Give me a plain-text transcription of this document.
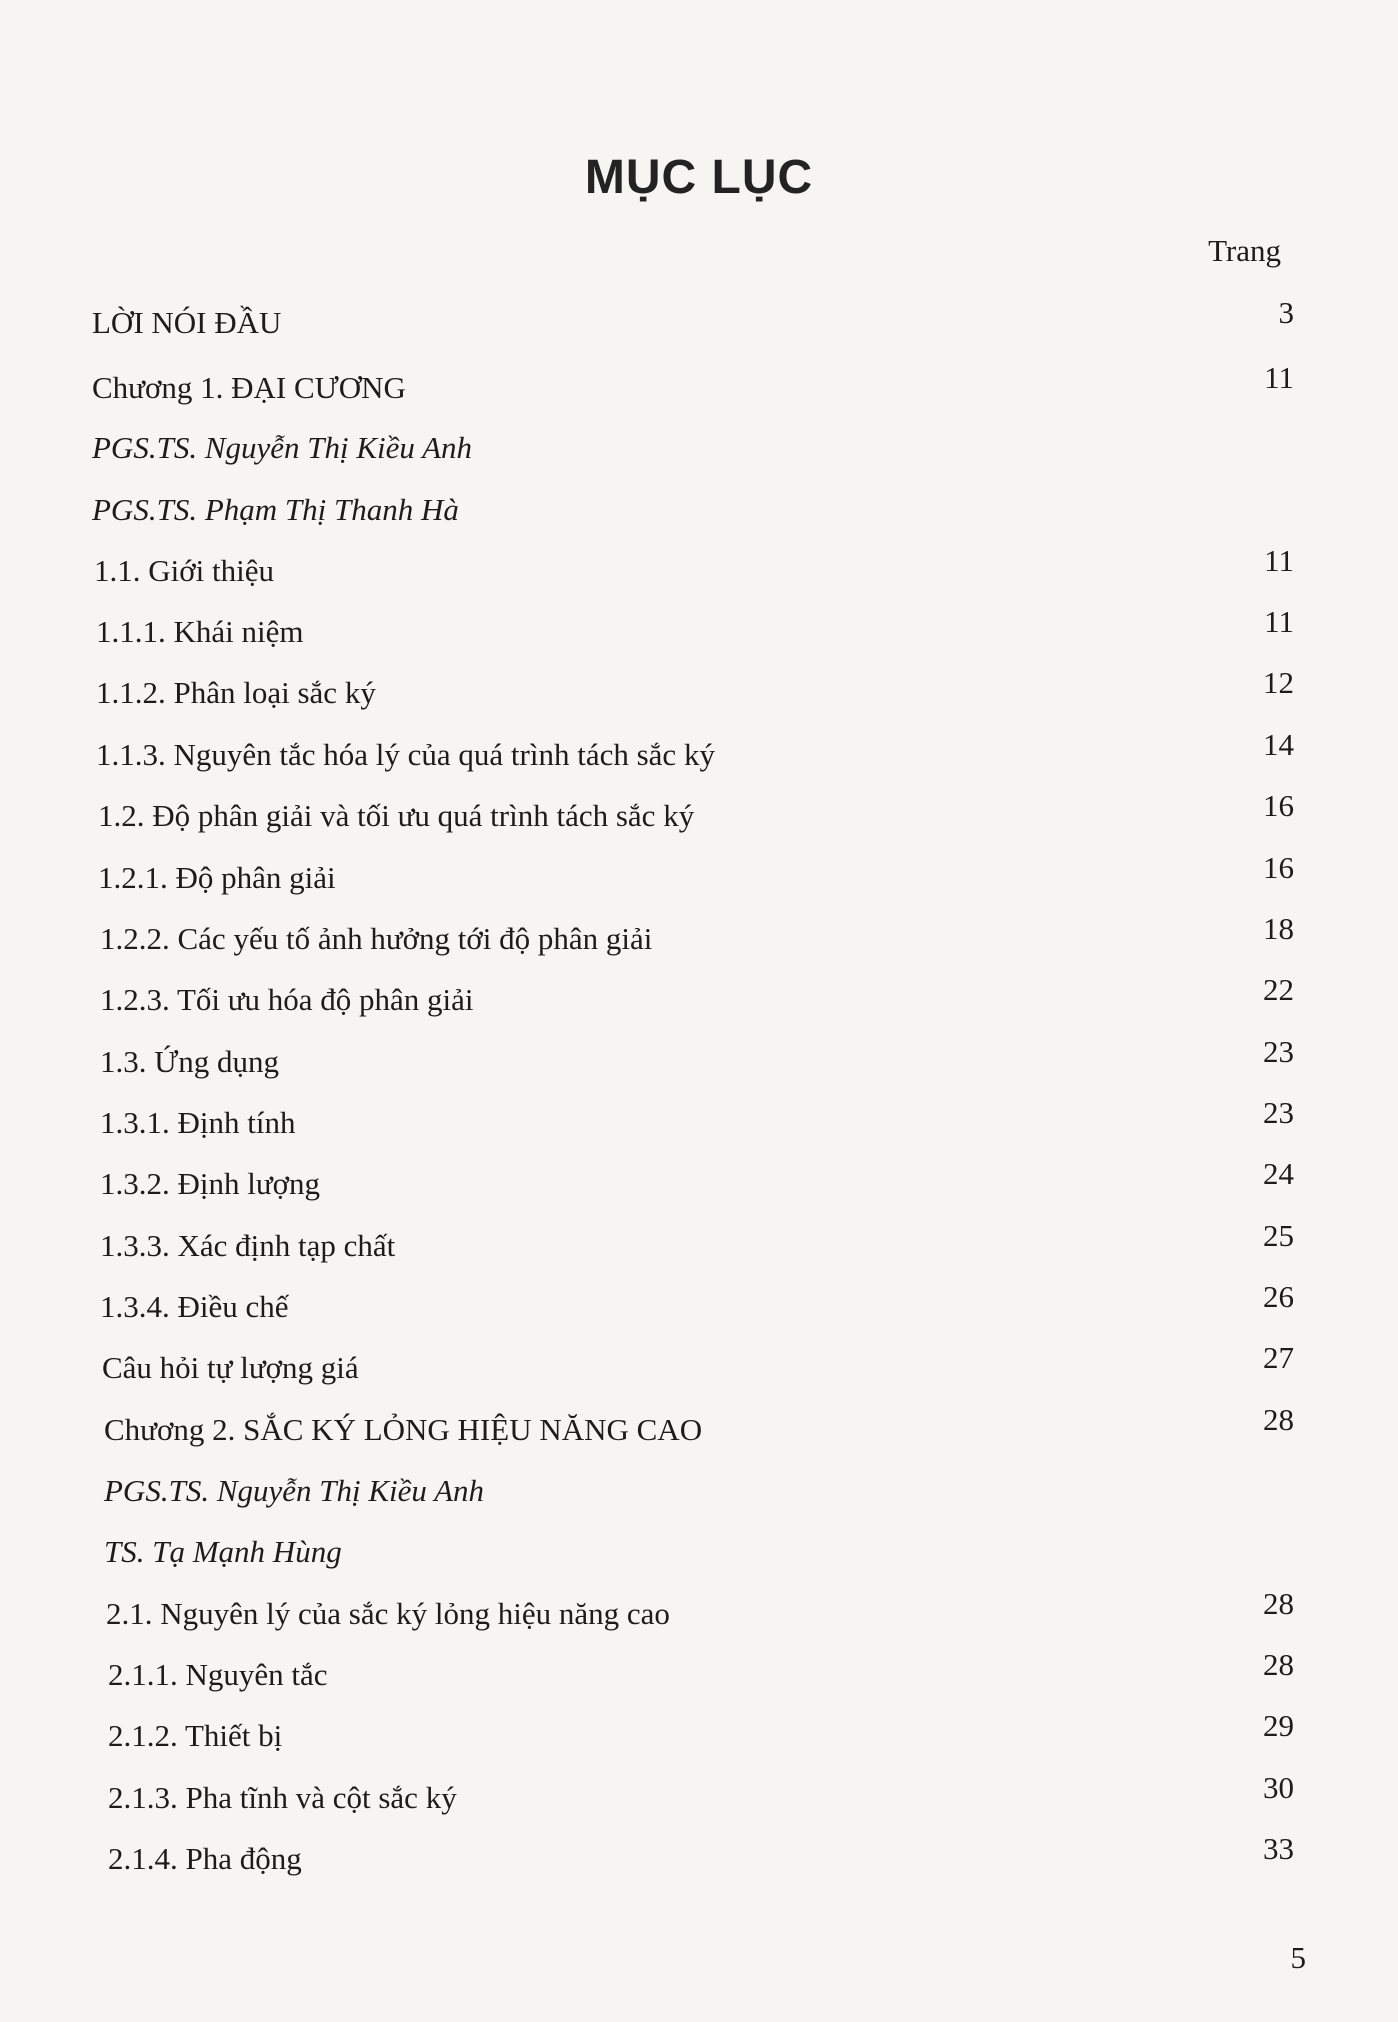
MỤC LỤC
Trang
LỜI NÓI ĐẦU	3
Chương 1. ĐẠI CƯƠNG	11
PGS.TS. Nguyễn Thị Kiều Anh
PGS.TS. Phạm Thị Thanh Hà
1.1. Giới thiệu	11
1.1.1. Khái niệm	11
1.1.2. Phân loại sắc ký	12
1.1.3. Nguyên tắc hóa lý của quá trình tách sắc ký	14
1.2. Độ phân giải và tối ưu quá trình tách sắc ký	16
1.2.1. Độ phân giải	16
1.2.2. Các yếu tố ảnh hưởng tới độ phân giải	18
1.2.3. Tối ưu hóa độ phân giải	22
1.3. Ứng dụng	23
1.3.1. Định tính	23
1.3.2. Định lượng	24
1.3.3. Xác định tạp chất	25
1.3.4. Điều chế	26
Câu hỏi tự lượng giá	27
Chương 2. SẮC KÝ LỎNG HIỆU NĂNG CAO	28
PGS.TS. Nguyễn Thị Kiều Anh
TS. Tạ Mạnh Hùng
2.1. Nguyên lý của sắc ký lỏng hiệu năng cao	28
2.1.1. Nguyên tắc	28
2.1.2. Thiết bị	29
2.1.3. Pha tĩnh và cột sắc ký	30
2.1.4. Pha động	33
5
